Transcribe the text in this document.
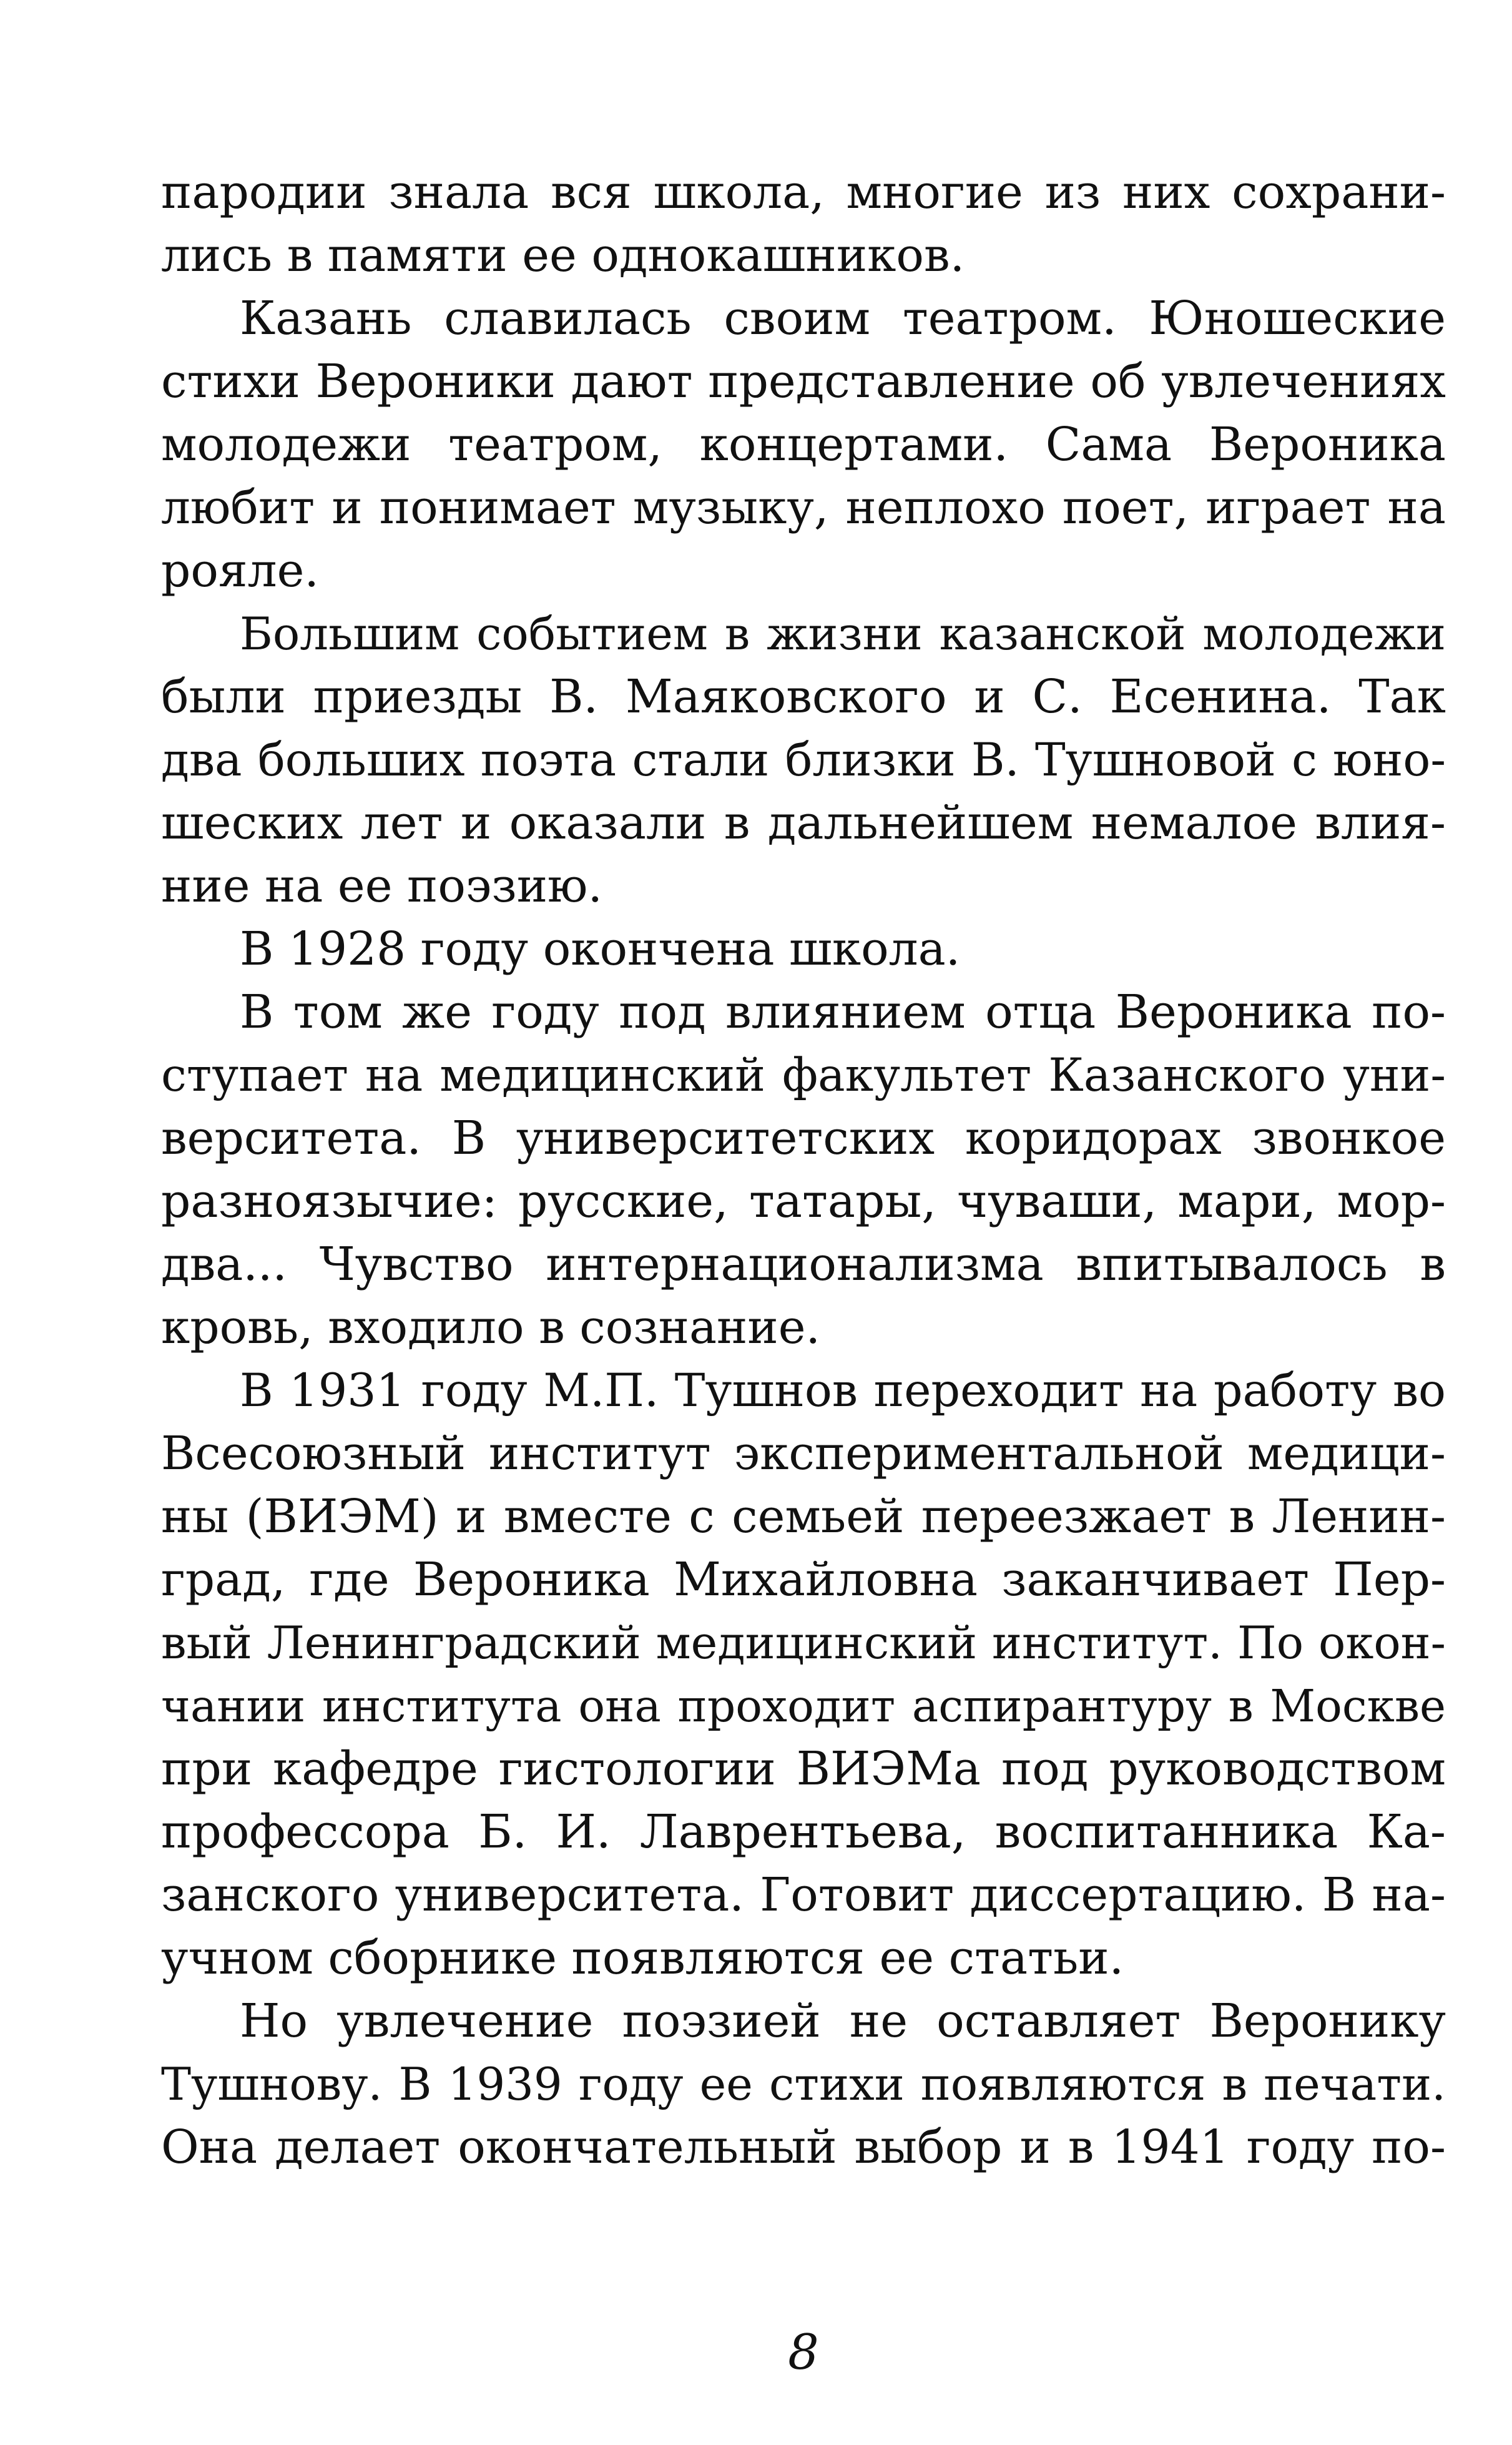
пародии знала вся школа, многие из них сохрани-
лись в памяти ее однокашников.
Казань славилась своим театром. Юношеские
стихи Вероники дают представление об увлечениях
молодежи театром, концертами. Сама Вероника
любит и понимает музыку, неплохо поет, играет на
рояле.
Большим событием в жизни казанской молодежи
были приезды В. Маяковского и С. Есенина. Так
два больших поэта стали близки В. Тушновой с юно-
шеских лет и оказали в дальнейшем немалое влия-
ние на ее поэзию.
В 1928 году окончена школа.
В том же году под влиянием отца Вероника по-
ступает на медицинский факультет Казанского уни-
верситета. В университетских коридорах звонкое
разноязычие: русские, татары, чуваши, мари, мор-
два... Чувство интернационализма впитывалось в
кровь, входило в сознание.
В 1931 году М.П. Тушнов переходит на работу во
Всесоюзный институт экспериментальной медици-
ны (ВИЭМ) и вместе с семьей переезжает в Ленин-
град, где Вероника Михайловна заканчивает Пер-
вый Ленинградский медицинский институт. По окон-
чании института она проходит аспирантуру в Москве
при кафедре гистологии ВИЭМа под руководством
профессора Б. И. Лаврентьева, воспитанника Ка-
занского университета. Готовит диссертацию. В на-
учном сборнике появляются ее статьи.
Но увлечение поэзией не оставляет Веронику
Тушнову. В 1939 году ее стихи появляются в печати.
Она делает окончательный выбор и в 1941 году по-
8
